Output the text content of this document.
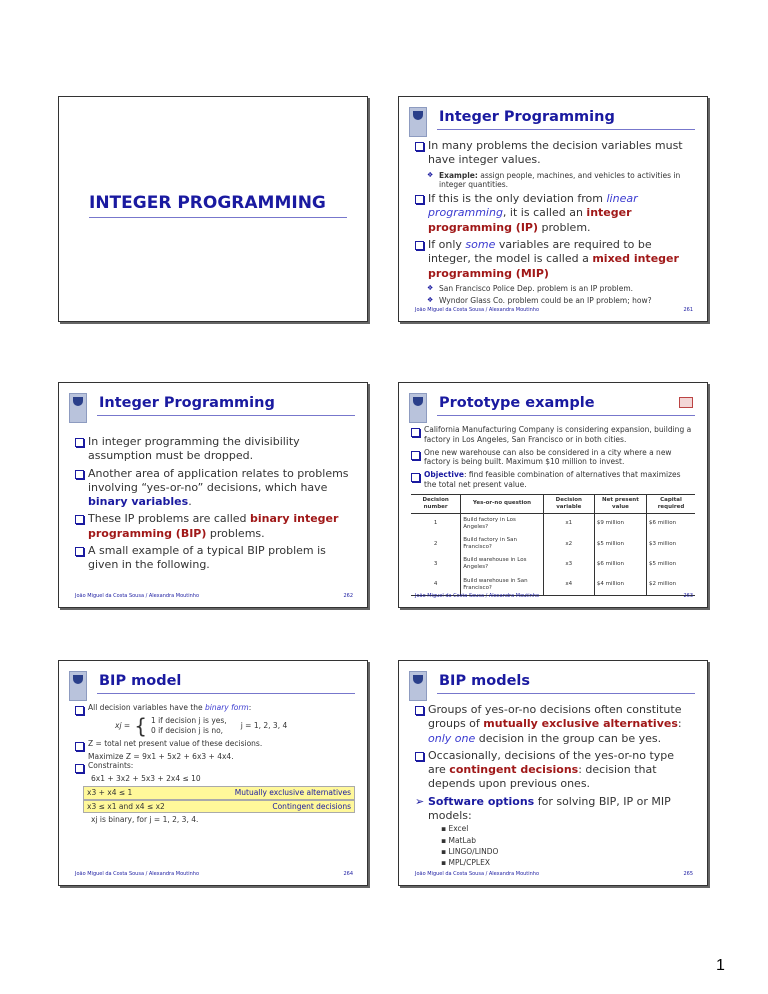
INTEGER PROGRAMMING
Integer Programming
In many problems the decision variables must have integer values.
❖ Example: assign people, machines, and vehicles to activities in integer quantities.
If this is the only deviation from linear programming, it is called an integer programming (IP) problem.
If only some variables are required to be integer, the model is called a mixed integer programming (MIP)
❖ San Francisco Police Dep. problem is an IP problem.
❖ Wyndor Glass Co. problem could be an IP problem; how?
João Miguel da Costa Sousa / Alexandra Moutinho	261
Integer Programming
In integer programming the divisibility assumption must be dropped.
Another area of application relates to problems involving “yes-or-no” decisions, which have binary variables.
These IP problems are called binary integer programming (BIP) problems.
A small example of a typical BIP problem is given in the following.
João Miguel da Costa Sousa / Alexandra Moutinho	262
Prototype example
California Manufacturing Company is considering expansion, building a factory in Los Angeles, San Francisco or in both cities.
One new warehouse can also be considered in a city where a new factory is being built. Maximum $10 million to invest.
Objective: find feasible combination of alternatives that maximizes the total net present value.
Decision number	Yes-or-no question	Decision variable	Net present value	Capital required
1	Build factory in Los Angeles?	x1	$9 million	$6 million
2	Build factory in San Francisco?	x2	$5 million	$3 million
3	Build warehouse in Los Angeles?	x3	$6 million	$5 million
4	Build warehouse in San Francisco?	x4	$4 million	$2 million
João Miguel da Costa Sousa / Alexandra Moutinho	263
BIP model
All decision variables have the binary form:
xj = { 1 if decision j is yes,
0 if decision j is no,
j = 1, 2, 3, 4
Z = total net present value of these decisions.
Maximize Z = 9x1 + 5x2 + 6x3 + 4x4.
Constraints:
6x1 + 3x2 + 5x3 + 2x4 ≤ 10
x3 + x4 ≤ 1	Mutually exclusive alternatives
x3 ≤ x1 and x4 ≤ x2	Contingent decisions
xj is binary, for j = 1, 2, 3, 4.
João Miguel da Costa Sousa / Alexandra Moutinho	264
BIP models
Groups of yes-or-no decisions often constitute groups of mutually exclusive alternatives: only one decision in the group can be yes.
Occasionally, decisions of the yes-or-no type are contingent decisions: decision that depends upon previous ones.
➢ Software options for solving BIP, IP or MIP models:
▪ Excel
▪ MatLab
▪ LINGO/LINDO
▪ MPL/CPLEX
João Miguel da Costa Sousa / Alexandra Moutinho	265
1
